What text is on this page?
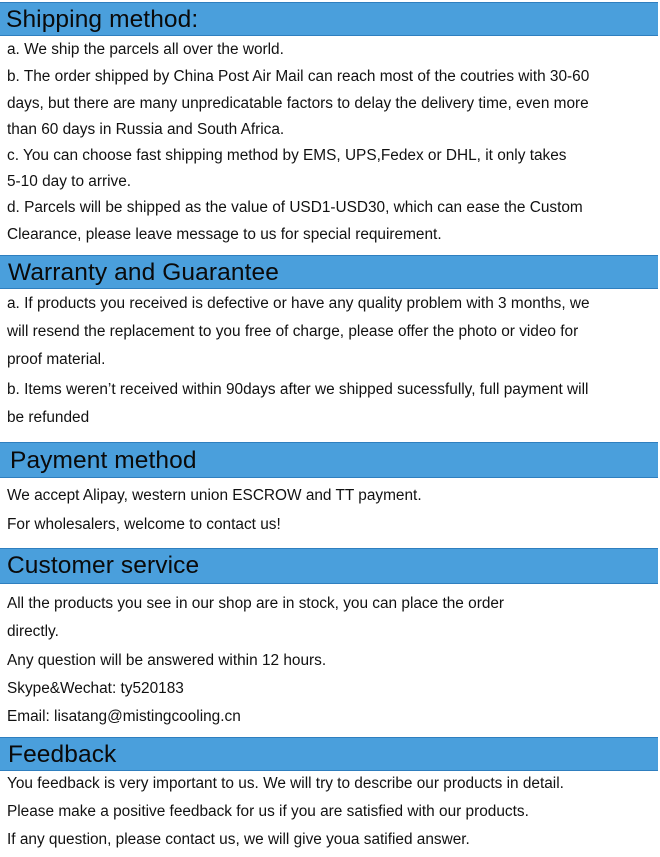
Shipping method:
a. We ship the parcels all over the world.
b. The order shipped by China Post Air Mail can reach most of the coutries with 30-60
days, but there are many unpredicatable factors to delay the delivery time, even more
than 60 days in Russia and South Africa.
c. You can choose fast shipping method by EMS, UPS,Fedex or DHL, it only takes
5-10 day to arrive.
d. Parcels will be shipped as the value of USD1-USD30, which can ease the Custom
Clearance, please leave message to us for special requirement.
Warranty and Guarantee
a. If products you received is defective or have any quality problem with 3 months, we
will resend the replacement to you free of charge, please offer the photo or video for
proof material.
b. Items weren’t received within 90days after we shipped sucessfully, full payment will
be refunded
Payment method
We accept Alipay, western union ESCROW and TT payment.
For wholesalers, welcome to contact us!
Customer service
All the products you see in our shop are in stock, you can place the order
directly.
Any question will be answered within 12 hours.
Skype&Wechat: ty520183
Email: lisatang@mistingcooling.cn
Feedback
You feedback is very important to us. We will try to describe our products in detail.
Please make a positive feedback for us if you are satisfied with our products.
If any question, please contact us, we will give youa satified answer.
